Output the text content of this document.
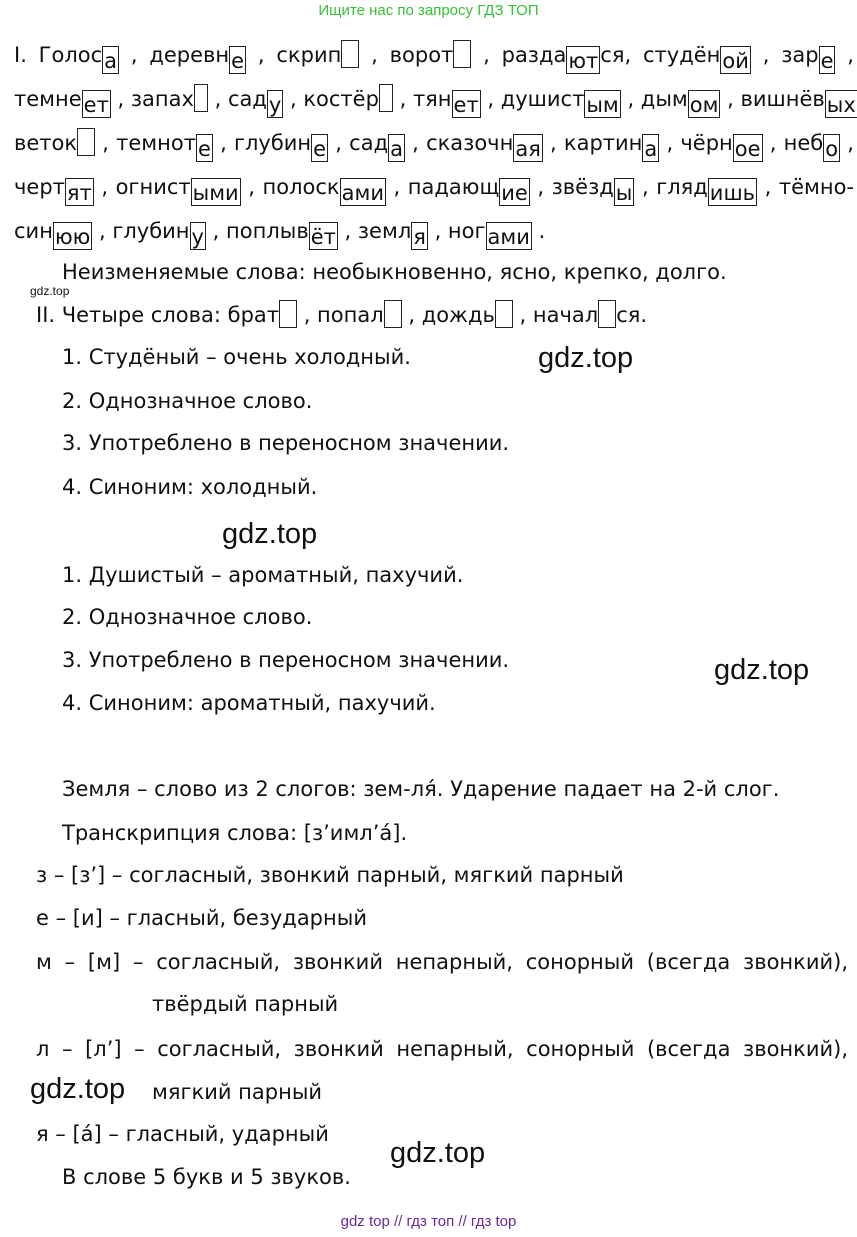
Ищите нас по запросу ГДЗ ТОП
I. Голоса , деревне , скрип , ворот , раздаются, студёной , заре ,
темнеет , запах , саду , костёр , тянет , душистым , дымом , вишнёвых
веток , темноте , глубине , сада , сказочная , картина , чёрное , небо ,
чертят , огнистыми , полосками , падающие , звёзды , глядишь , тёмно-
синюю , глубину , поплывёт , земля , ногами .
Неизменяемые слова: необыкновенно, ясно, крепко, долго.
gdz.top
II. Четыре слова: брат , попал , дождь , начал ся.
1. Студёный – очень холодный.
2. Однозначное слово.
3. Употреблено в переносном значении.
4. Синоним: холодный.
1. Душистый – ароматный, пахучий.
2. Однозначное слово.
3. Употреблено в переносном значении.
4. Синоним: ароматный, пахучий.
Земля – слово из 2 слогов: зем-ля́. Ударение падает на 2-й слог.
Транскрипция слова: [з’имл’а́].
з – [з’] – согласный, звонкий парный, мягкий парный
е – [и] – гласный, безударный
м – [м] – согласный, звонкий непарный, сонорный (всегда звонкий),
твёрдый парный
л – [л’] – согласный, звонкий непарный, сонорный (всегда звонкий),
мягкий парный
я – [а́] – гласный, ударный
В слове 5 букв и 5 звуков.
gdz.top
gdz.top
gdz.top
gdz.top
gdz.top
gdz top // гдз топ // гдз top
